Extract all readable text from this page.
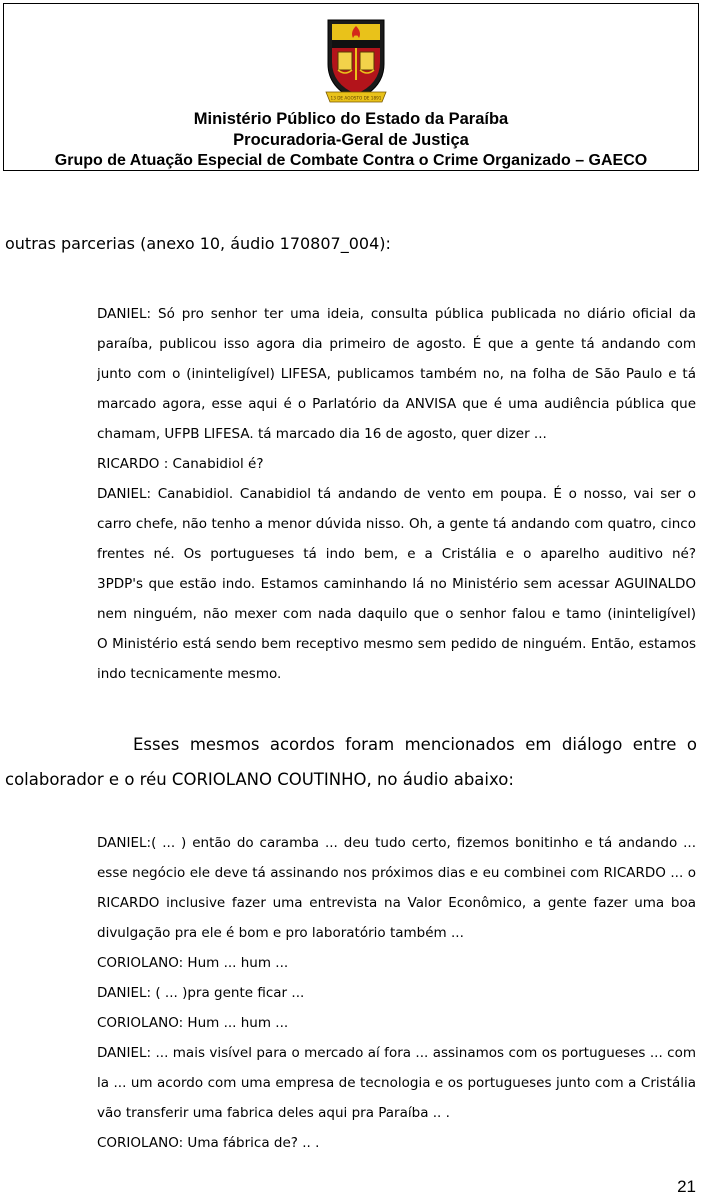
13 DE AGOSTO DE 1891
Ministério Público do Estado da Paraíba
Procuradoria-Geral de Justiça
Grupo de Atuação Especial de Combate Contra o Crime Organizado – GAECO
outras parcerias (anexo 10, áudio 170807_004):
DANIEL: Só pro senhor ter uma ideia, consulta pública publicada no diário oficial da
paraíba, publicou isso agora dia primeiro de agosto. É que a gente tá andando com
junto com o (ininteligível) LIFESA, publicamos também no, na folha de São Paulo e tá
marcado agora, esse aqui é o Parlatório da ANVISA que é uma audiência pública que
chamam, UFPB LIFESA. tá marcado dia 16 de agosto, quer dizer ...
RICARDO : Canabidiol é?
DANIEL: Canabidiol. Canabidiol tá andando de vento em poupa. É o nosso, vai ser o
carro chefe, não tenho a menor dúvida nisso. Oh, a gente tá andando com quatro, cinco
frentes né. Os portugueses tá indo bem, e a Cristália e o aparelho auditivo né?
3PDP's que estão indo. Estamos caminhando lá no Ministério sem acessar AGUINALDO
nem ninguém, não mexer com nada daquilo que o senhor falou e tamo (ininteligível)
O Ministério está sendo bem receptivo mesmo sem pedido de ninguém. Então, estamos
indo tecnicamente mesmo.
Esses mesmos acordos foram mencionados em diálogo entre o
colaborador e o réu CORIOLANO COUTINHO, no áudio abaixo:
DANIEL:( ... ) então do caramba ... deu tudo certo, fizemos bonitinho e tá andando ...
esse negócio ele deve tá assinando nos próximos dias e eu combinei com RICARDO ... o
RICARDO inclusive fazer uma entrevista na Valor Econômico, a gente fazer uma boa
divulgação pra ele é bom e pro laboratório também ...
CORIOLANO: Hum ... hum ...
DANIEL: ( ... )pra gente ficar ...
CORIOLANO: Hum ... hum ...
DANIEL: ... mais visível para o mercado aí fora ... assinamos com os portugueses ... com
la ... um acordo com uma empresa de tecnologia e os portugueses junto com a Cristália
vão transferir uma fabrica deles aqui pra Paraíba .. .
CORIOLANO: Uma fábrica de? .. .
21
